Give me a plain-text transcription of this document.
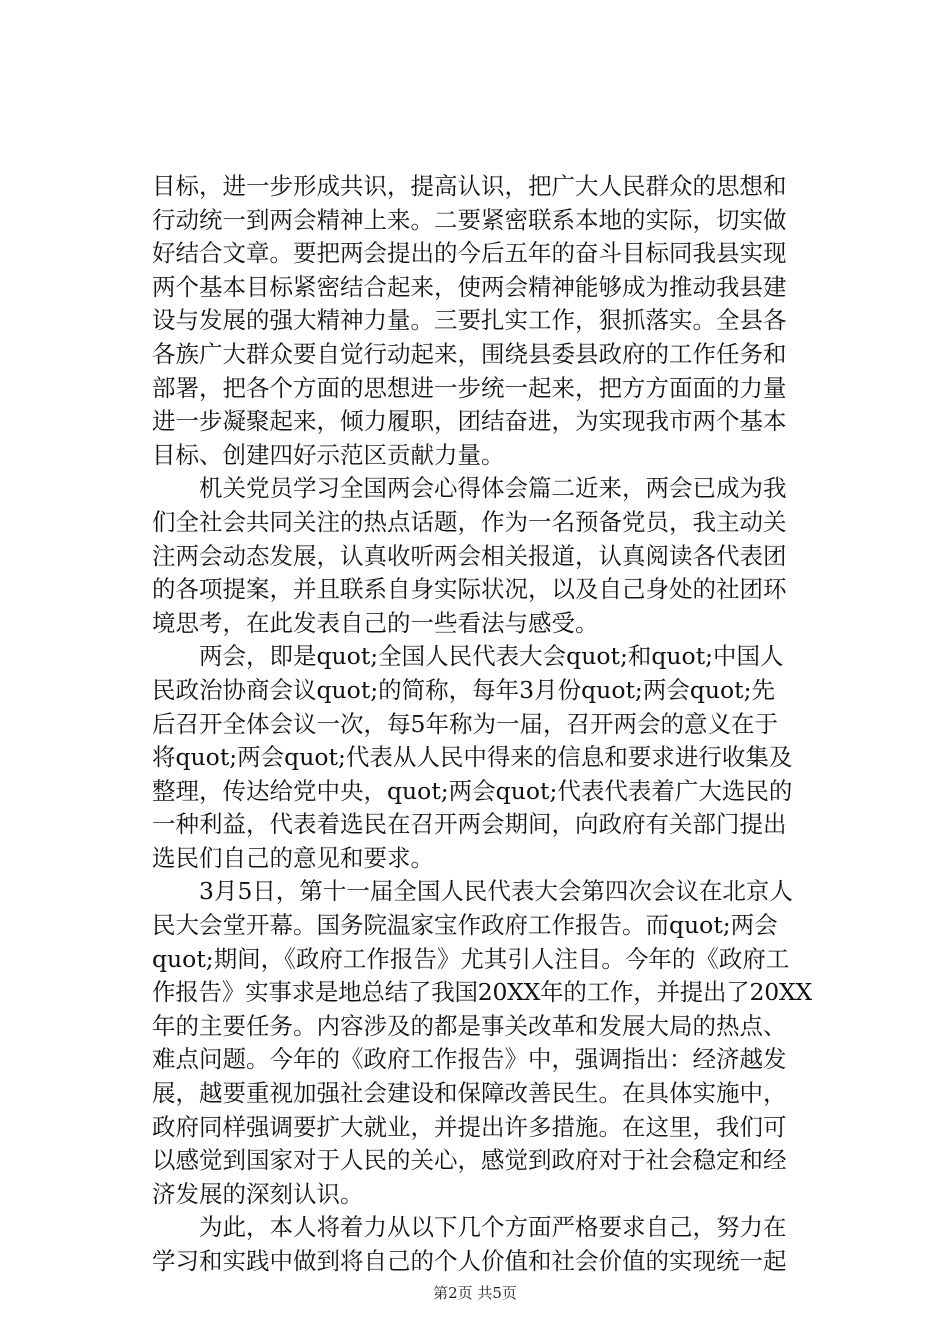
目标，进一步形成共识，提高认识，把广大人民群众的思想和
行动统一到两会精神上来。二要紧密联系本地的实际，切实做
好结合文章。要把两会提出的今后五年的奋斗目标同我县实现
两个基本目标紧密结合起来，使两会精神能够成为推动我县建
设与发展的强大精神力量。三要扎实工作，狠抓落实。全县各
各族广大群众要自觉行动起来，围绕县委县政府的工作任务和
部署，把各个方面的思想进一步统一起来，把方方面面的力量
进一步凝聚起来，倾力履职，团结奋进，为实现我市两个基本
目标、创建四好示范区贡献力量。
　　机关党员学习全国两会心得体会篇二近来，两会已成为我
们全社会共同关注的热点话题，作为一名预备党员，我主动关
注两会动态发展，认真收听两会相关报道，认真阅读各代表团
的各项提案，并且联系自身实际状况，以及自己身处的社团环
境思考，在此发表自己的一些看法与感受。
　　两会，即是quot;全国人民代表大会quot;和quot;中国人
民政治协商会议quot;的简称，每年3月份quot;两会quot;先
后召开全体会议一次，每5年称为一届，召开两会的意义在于
将quot;两会quot;代表从人民中得来的信息和要求进行收集及
整理，传达给党中央，quot;两会quot;代表代表着广大选民的
一种利益，代表着选民在召开两会期间，向政府有关部门提出
选民们自己的意见和要求。
　　3月5日，第十一届全国人民代表大会第四次会议在北京人
民大会堂开幕。国务院温家宝作政府工作报告。而quot;两会
quot;期间，《政府工作报告》尤其引人注目。今年的《政府工
作报告》实事求是地总结了我国20XX年的工作，并提出了20XX
年的主要任务。内容涉及的都是事关改革和发展大局的热点、
难点问题。今年的《政府工作报告》中，强调指出：经济越发
展，越要重视加强社会建设和保障改善民生。在具体实施中，
政府同样强调要扩大就业，并提出许多措施。在这里，我们可
以感觉到国家对于人民的关心，感觉到政府对于社会稳定和经
济发展的深刻认识。
　　为此，本人将着力从以下几个方面严格要求自己，努力在
学习和实践中做到将自己的个人价值和社会价值的实现统一起
第2页 共5页
